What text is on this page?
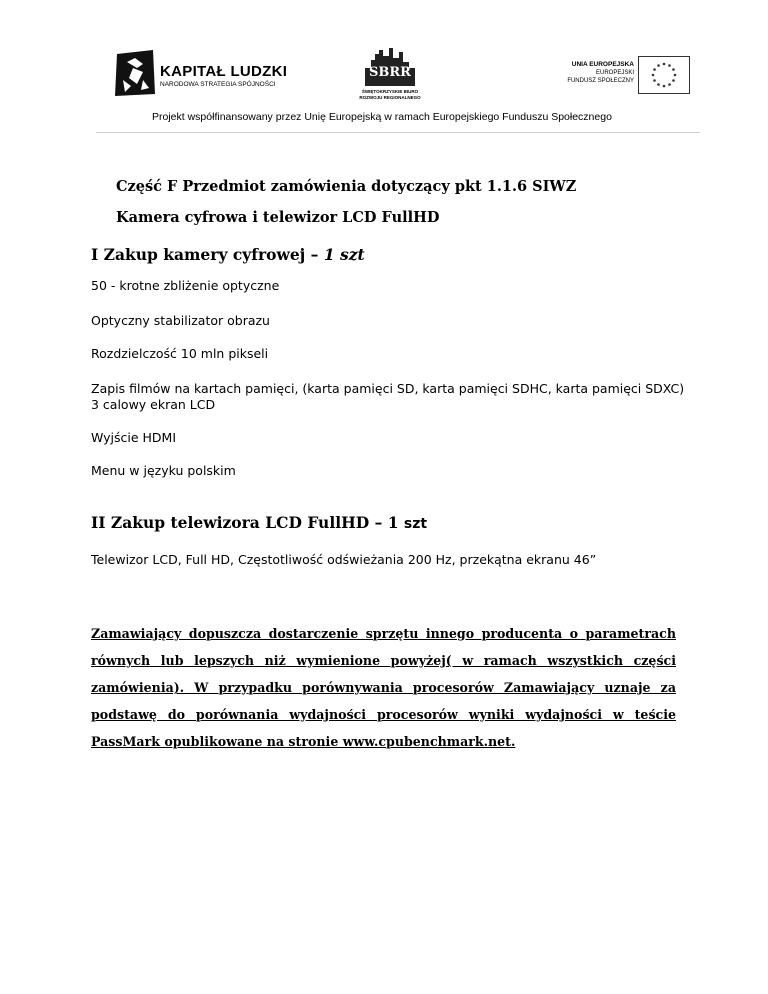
KAPITAŁ LUDZKI
NARODOWA STRATEGIA SPÓJNOŚCI
SBRR
ŚWIĘTOKRZYSKIE BIURO
ROZWOJU REGIONALNEGO
UNIA EUROPEJSKA
EUROPEJSKI
FUNDUSZ SPOŁECZNY
Projekt współfinansowany przez Unię Europejską w ramach Europejskiego Funduszu Społecznego
Część F Przedmiot zamówienia dotyczący pkt 1.1.6 SIWZ
Kamera cyfrowa i telewizor LCD FullHD
I Zakup kamery cyfrowej – 1 szt
50 - krotne zbliżenie optyczne
Optyczny stabilizator obrazu
Rozdzielczość 10 mln pikseli
Zapis filmów na kartach pamięci, (karta pamięci SD, karta pamięci SDHC, karta pamięci SDXC)
3 calowy ekran LCD
Wyjście HDMI
Menu w języku polskim
II Zakup telewizora LCD FullHD – 1 szt
Telewizor LCD, Full HD, Częstotliwość odświeżania 200 Hz, przekątna ekranu 46”
Zamawiający dopuszcza dostarczenie sprzętu innego producenta o parametrach
równych lub lepszych niż wymienione powyżej( w ramach wszystkich części
zamówienia). W przypadku porównywania procesorów Zamawiający uznaje za
podstawę do porównania wydajności procesorów wyniki wydajności w teście
PassMark opublikowane na stronie www.cpubenchmark.net.
